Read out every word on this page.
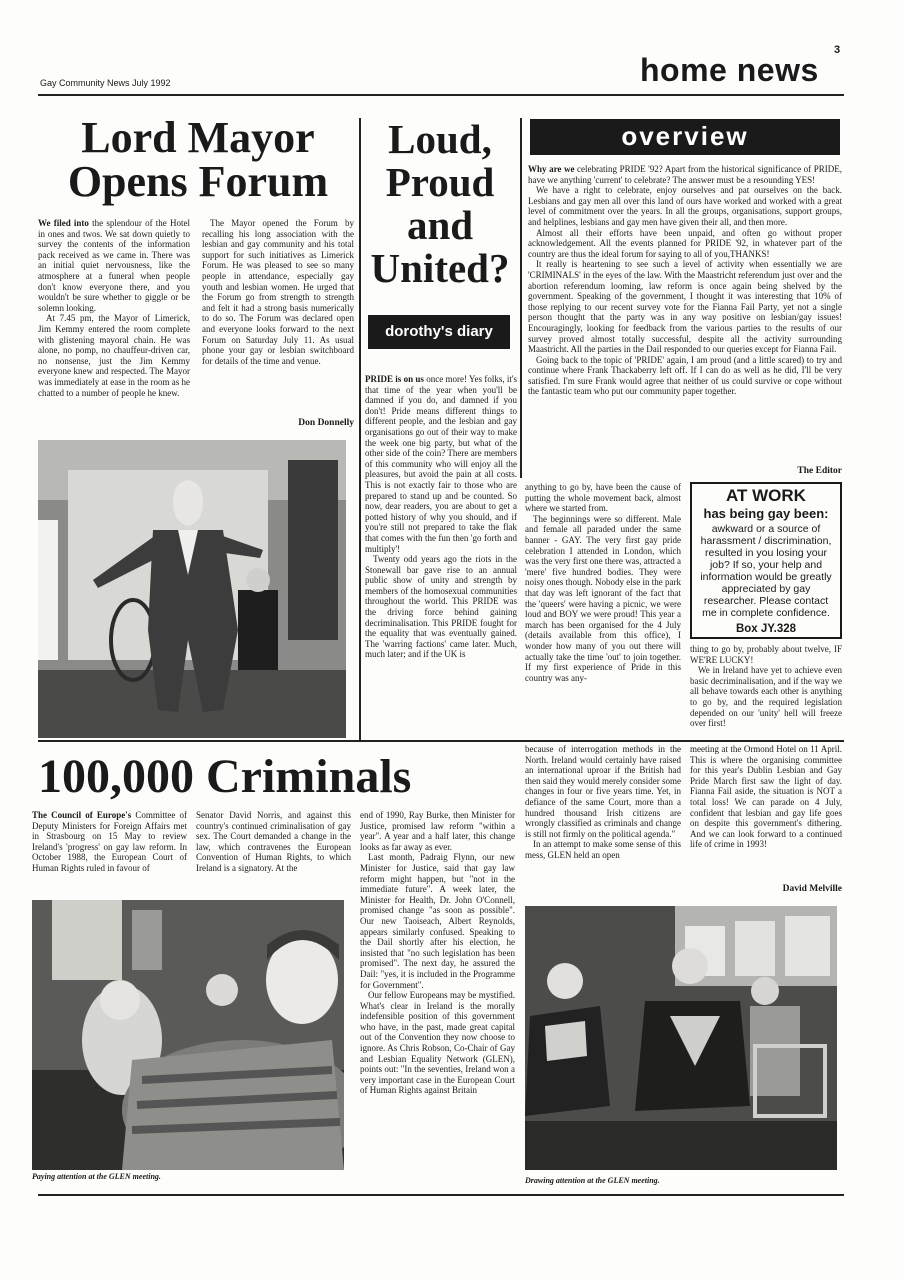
3
Gay Community News July 1992	home news
Lord Mayor Opens Forum

We filed into the splendour of the Hotel in ones and twos. We sat down quietly to survey the contents of the information pack received as we came in. There was an initial quiet nervousness, like the atmosphere at a funeral when people don't know everyone there, and you wouldn't be sure whether to giggle or be solemn looking.

At 7.45 pm, the Mayor of Limerick, Jim Kemmy entered the room complete with glistening mayoral chain. He was alone, no pomp, no chauffeur-driven car, no nonsense, just the Jim Kemmy everyone knew and respected. The Mayor was immediately at ease in the room as he chatted to a number of people he knew.

The Mayor opened the Forum by recalling his long association with the lesbian and gay community and his total support for such initiatives as Limerick Forum. He was pleased to see so many people in attendance, especially gay youth and lesbian women. He urged that the Forum go from strength to strength and felt it had a strong basis numerically to do so. The Forum was declared open and everyone looks forward to the next Forum on Saturday July 11. As usual phone your gay or lesbian switchboard for details of the time and venue.

Don Donnelly
Loud, Proud and United?
dorothy's diary

PRIDE is on us once more! Yes folks, it's that time of the year when you'll be damned if you do, and damned if you don't! Pride means different things to different people, and the lesbian and gay organisations go out of their way to make the week one big party, but what of the other side of the coin? There are members of this community who will enjoy all the pleasures, but avoid the pain at all costs. This is not exactly fair to those who are prepared to stand up and be counted. So now, dear readers, you are about to get a potted history of why you should, and if you're still not prepared to take the flak that comes with the fun then 'go forth and multiply'!

Twenty odd years ago the riots in the Stonewall bar gave rise to an annual public show of unity and strength by members of the homosexual communities throughout the world. This PRIDE was the driving force behind gaining decriminalisation. This PRIDE fought for the equality that was eventually gained. The 'warring factions' came later. Much, much later; and if the UK is

anything to go by, have been the cause of putting the whole movement back, almost where we started from.

The beginnings were so different. Male and female all paraded under the same banner - GAY. The very first gay pride celebration I attended in London, which was the very first one there was, attracted a 'mere' five hundred bodies. They were noisy ones though. Nobody else in the park that day was left ignorant of the fact that the 'queers' were having a picnic, we were loud and BOY we were proud! This year a march has been organised for the 4 July (details available from this office), I wonder how many of you out there will actually take the time 'out' to join together. If my first experience of Pride in this country was any-

thing to go by, probably about twelve, IF WE'RE LUCKY!

We in Ireland have yet to achieve even basic decriminalisation, and if the way we all behave towards each other is anything to go by, and the required legislation depended on our 'unity' hell will freeze over first!

overview

Why are we celebrating PRIDE '92? Apart from the historical significance of PRIDE, have we anything 'current' to celebrate? The answer must be a resounding YES!

We have a right to celebrate, enjoy ourselves and pat ourselves on the back. Lesbians and gay men all over this land of ours have worked and worked with a great level of commitment over the years. In all the groups, organisations, support groups, and helplines, lesbians and gay men have given their all, and then more.

Almost all their efforts have been unpaid, and often go without proper acknowledgement. All the events planned for PRIDE '92, in whatever part of the country are thus the ideal forum for saying to all of you,THANKS!

It really is heartening to see such a level of activity when essentially we are 'CRIMINALS' in the eyes of the law. With the Maastricht referendum just over and the abortion referendum looming, law reform is once again being shelved by the government. Speaking of the government, I thought it was interesting that 10% of those replying to our recent survey vote for the Fianna Fail Party, yet not a single person thought that the party was in any way positive on lesbian/gay issues! Encouragingly, looking for feedback from the various parties to the results of our survey proved almost totally successful, despite all the activity surrounding Maastricht. All the parties in the Dail responded to our queries except for Fianna Fail.

Going back to the topic of 'PRIDE' again, I am proud (and a little scared) to try and continue where Frank Thackaberry left off. If I can do as well as he did, I'll be very satisfied. I'm sure Frank would agree that neither of us could survive or cope without the fantastic team who put our community paper together.

The Editor
AT WORK
has being gay been:
awkward or a source of harassment / discrimination, resulted in you losing your job? If so, your help and information would be greatly appreciated by gay researcher. Please contact me in complete confidence.
Box JY.328
100,000 Criminals

The Council of Europe's Committee of Deputy Ministers for Foreign Affairs met in Strasbourg on 15 May to review Ireland's 'progress' on gay law reform. In October 1988, the European Court of Human Rights ruled in favour of

Senator David Norris, and against this country's continued criminalisation of gay sex. The Court demanded a change in the law, which contravenes the European Convention of Human Rights, to which Ireland is a signatory. At the

end of 1990, Ray Burke, then Minister for Justice, promised law reform "within a year". A year and a half later, this change looks as far away as ever.

Last month, Padraig Flynn, our new Minister for Justice, said that gay law reform might happen, but "not in the immediate future". A week later, the Minister for Health, Dr. John O'Connell, promised change "as soon as possible". Our new Taoiseach, Albert Reynolds, appears similarly confused. Speaking to the Dail shortly after his election, he insisted that "no such legislation has been promised". The next day, he assured the Dail: "yes, it is included in the Programme for Government".

Our fellow Europeans may be mystified. What's clear in Ireland is the morally indefensible position of this government who have, in the past, made great capital out of the Convention they now choose to ignore. As Chris Robson, Co-Chair of Gay and Lesbian Equality Network (GLEN), points out: "In the seventies, Ireland won a very important case in the European Court of Human Rights against Britain

because of interrogation methods in the North. Ireland would certainly have raised an international uproar if the British had then said they would merely consider some changes in four or five years time. Yet, in defiance of the same Court, more than a hundred thousand Irish citizens are wrongly classified as criminals and change is still not firmly on the political agenda."

In an attempt to make some sense of this mess, GLEN held an open

meeting at the Ormond Hotel on 11 April. This is where the organising committee for this year's Dublin Lesbian and Gay Pride March first saw the light of day. Fianna Fail aside, the situation is NOT a total loss! We can parade on 4 July, confident that lesbian and gay life goes on despite this government's dithering. And we can look forward to a continued life of crime in 1993!

David Melville
Paying attention at the GLEN meeting.	Drawing attention at the GLEN meeting.
